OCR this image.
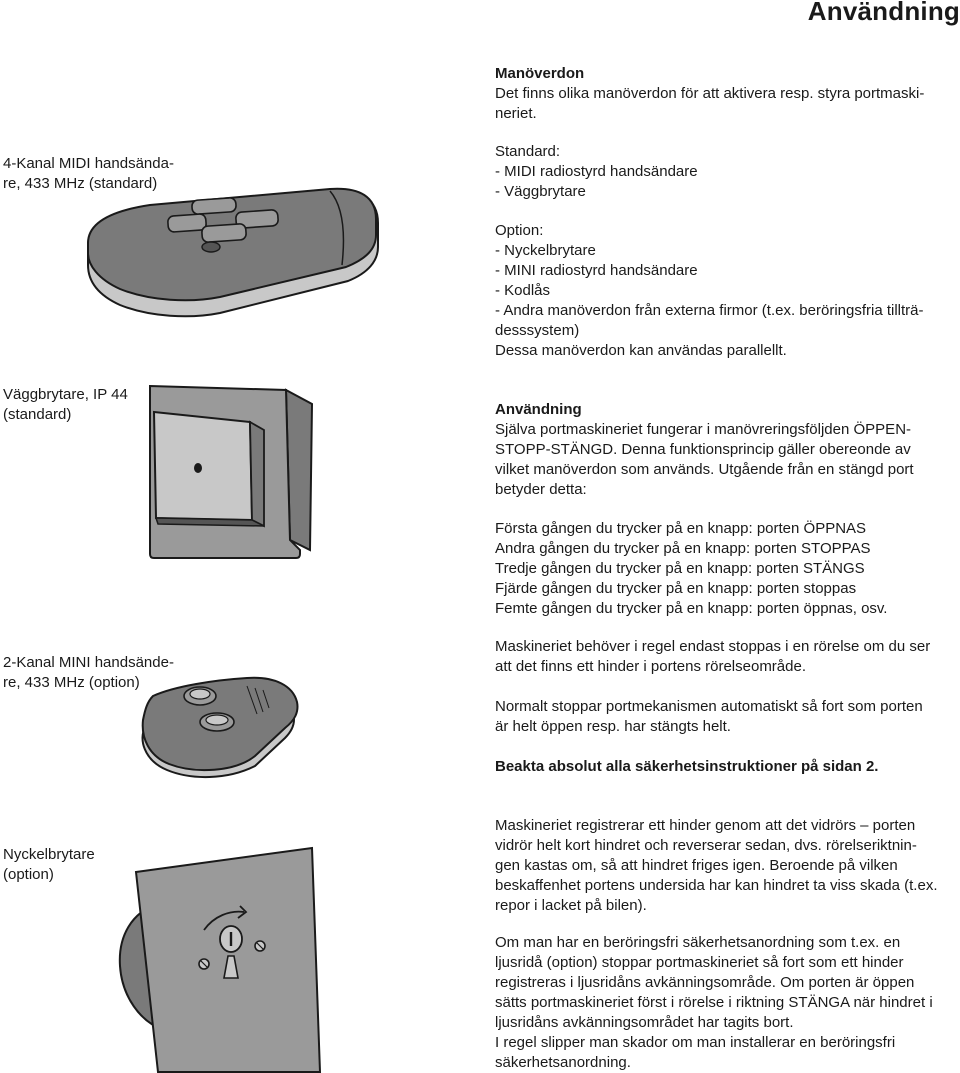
Användning
4-Kanal MIDI handsända-
re, 433 MHz (standard)
Väggbrytare, IP 44
(standard)
2-Kanal MINI handsände-
re, 433 MHz (option)
Nyckelbrytare
(option)
Manöverdon
Det finns olika manöverdon för att aktivera resp. styra portmaski-
neriet.
Standard:
- MIDI radiostyrd handsändare
- Väggbrytare
Option:
- Nyckelbrytare
- MINI radiostyrd handsändare
- Kodlås
- Andra manöverdon från externa firmor (t.ex. beröringsfria tillträ-
desssystem)
Dessa manöverdon kan användas parallellt.
Användning
Själva portmaskineriet fungerar i manövreringsföljden ÖPPEN-
STOPP-STÄNGD. Denna funktionsprincip gäller obereonde av
vilket manöverdon som används. Utgående från en stängd port
betyder detta:
Första gången du trycker på en knapp: porten ÖPPNAS
Andra gången du trycker på en knapp: porten STOPPAS
Tredje gången du trycker på en knapp: porten STÄNGS
Fjärde gången du trycker på en knapp: porten stoppas
Femte gången du trycker på en knapp: porten öppnas, osv.
Maskineriet behöver i regel endast stoppas i en rörelse om du ser
att det finns ett hinder i portens rörelseområde.
Normalt stoppar portmekanismen automatiskt så fort som porten
är helt öppen resp. har stängts helt.
Beakta absolut alla säkerhetsinstruktioner på sidan 2.
Maskineriet registrerar ett hinder genom att det vidrörs – porten
vidrör helt kort hindret och reverserar sedan, dvs. rörelseriktnin-
gen kastas om, så att hindret friges igen. Beroende på vilken
beskaffenhet portens undersida har kan hindret ta viss skada (t.ex.
repor i lacket på bilen).
Om man har en beröringsfri säkerhetsanordning som t.ex. en
ljusridå (option) stoppar portmaskineriet så fort som ett hinder
registreras i ljusridåns avkänningsområde. Om porten är öppen
sätts portmaskineriet först i rörelse i riktning STÄNGA när hindret i
ljusridåns avkänningsområdet har tagits bort.
I regel slipper man skador om man installerar en beröringsfri
säkerhetsanordning.
